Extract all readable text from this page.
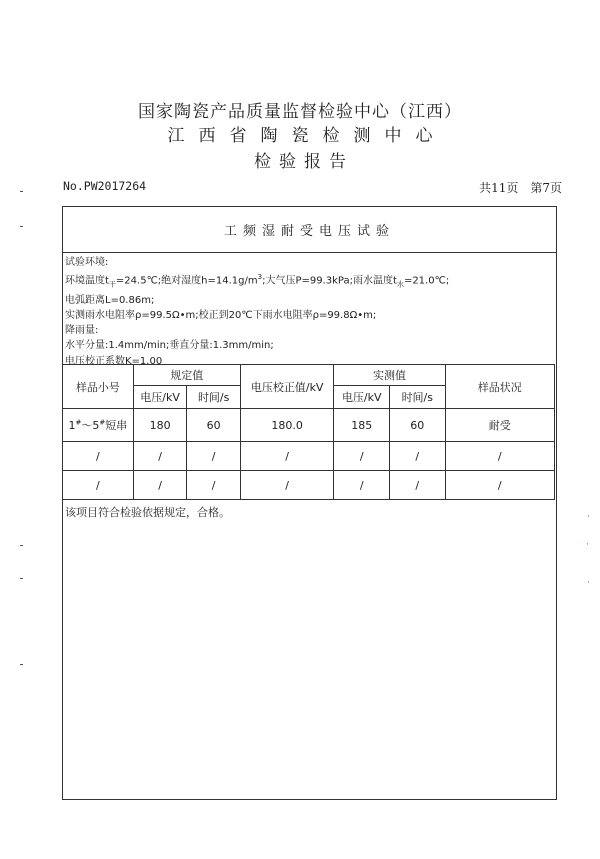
国家陶瓷产品质量监督检验中心（江西）
江西省陶瓷检测中心
检验报告
No.PW2017264	共11页　第7页
工频湿耐受电压试验
试验环境:
环境温度$t_干=24.5℃$;绝对湿度$h=14.1g/m^3$;大气压P=99.3kPa;雨水温度$t_水=21.0℃$;
电弧距离L=0.86m;
实测雨水电阻率ρ=99.5Ω•m;校正到20℃下雨水电阻率ρ=99.8Ω•m;
降雨量:
水平分量:1.4mm/min;垂直分量:1.3mm/min;
电压校正系数K=1.00
样品小号	规定值		电压校正值/kV	实测值		样品状况
	电压/kV	时间/s		电压/kV	时间/s	
1#～5#短串	180	60	180.0	185	60	耐受
/	/	/	/	/	/	/
/	/	/	/	/	/	/
该项目符合检验依据规定，合格。	·
·
·
